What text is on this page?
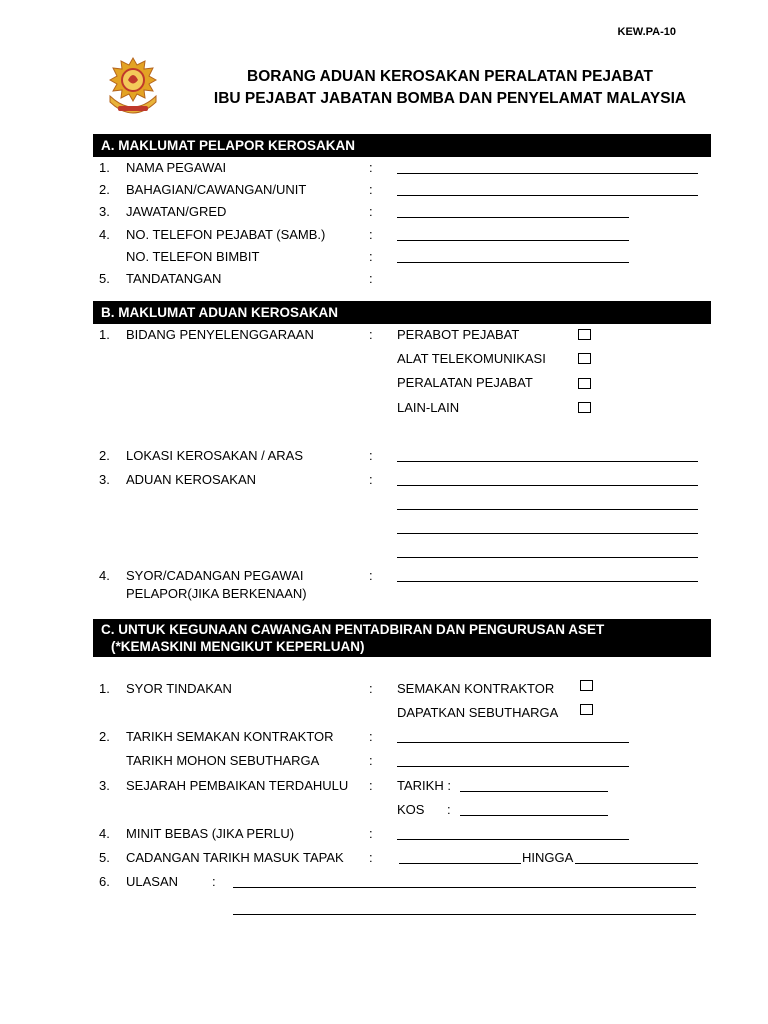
KEW.PA-10
BORANG ADUAN KEROSAKAN PERALATAN PEJABAT
IBU PEJABAT JABATAN BOMBA DAN PENYELAMAT MALAYSIA
A. MAKLUMAT PELAPOR KEROSAKAN
1. NAMA PEGAWAI	:
2. BAHAGIAN/CAWANGAN/UNIT	:
3. JAWATAN/GRED	:
4. NO. TELEFON PEJABAT (SAMB.)	:
NO. TELEFON BIMBIT	:
5. TANDATANGAN	:
B. MAKLUMAT ADUAN KEROSAKAN
1. BIDANG PENYELENGGARAAN	: PERABOT PEJABAT
ALAT TELEKOMUNIKASI
PERALATAN PEJABAT
LAIN-LAIN
2. LOKASI KEROSAKAN / ARAS	:
3. ADUAN KEROSAKAN	:
4. SYOR/CADANGAN PEGAWAI
PELAPOR(JIKA BERKENAAN)
:
C. UNTUK KEGUNAAN CAWANGAN PENTADBIRAN DAN PENGURUSAN ASET
(*KEMASKINI MENGIKUT KEPERLUAN)
1. SYOR TINDAKAN	: SEMAKAN KONTRAKTOR
DAPATKAN SEBUTHARGA
2. TARIKH SEMAKAN KONTRAKTOR	:
TARIKH MOHON SEBUTHARGA	:
3. SEJARAH PEMBAIKAN TERDAHULU : TARIKH :
KOS :
4. MINIT BEBAS (JIKA PERLU)	:
5. CADANGAN TARIKH MASUK TAPAK :	HINGGA
6. ULASAN	:
